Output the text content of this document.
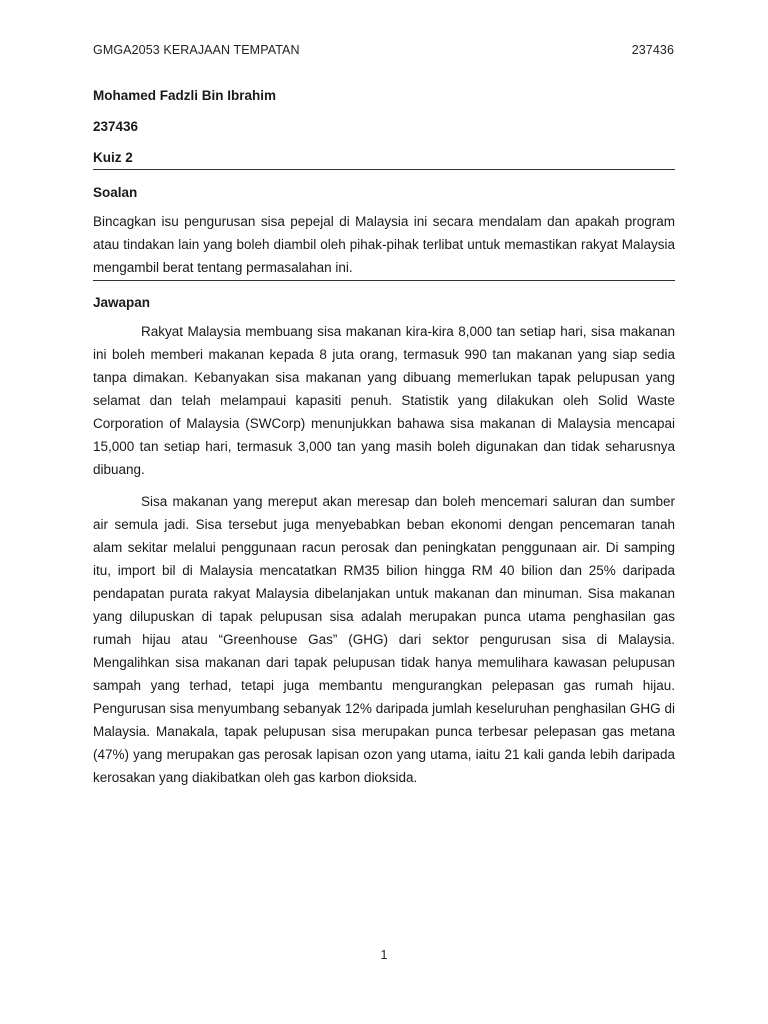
GMGA2053 KERAJAAN TEMPATAN	237436

Mohamed Fadzli Bin Ibrahim

237436

Kuiz 2

Soalan

Bincagkan isu pengurusan sisa pepejal di Malaysia ini secara mendalam dan apakah program atau tindakan lain yang boleh diambil oleh pihak-pihak terlibat untuk memastikan rakyat Malaysia mengambil berat tentang permasalahan ini.

Jawapan

Rakyat Malaysia membuang sisa makanan kira-kira 8,000 tan setiap hari, sisa makanan ini boleh memberi makanan kepada 8 juta orang, termasuk 990 tan makanan yang siap sedia tanpa dimakan. Kebanyakan sisa makanan yang dibuang memerlukan tapak pelupusan yang selamat dan telah melampaui kapasiti penuh. Statistik yang dilakukan oleh Solid Waste Corporation of Malaysia (SWCorp) menunjukkan bahawa sisa makanan di Malaysia mencapai 15,000 tan setiap hari, termasuk 3,000 tan yang masih boleh digunakan dan tidak seharusnya dibuang.

Sisa makanan yang mereput akan meresap dan boleh mencemari saluran dan sumber air semula jadi. Sisa tersebut juga menyebabkan beban ekonomi dengan pencemaran tanah alam sekitar melalui penggunaan racun perosak dan peningkatan penggunaan air. Di samping itu, import bil di Malaysia mencatatkan RM35 bilion hingga RM 40 bilion dan 25% daripada pendapatan purata rakyat Malaysia dibelanjakan untuk makanan dan minuman. Sisa makanan yang dilupuskan di tapak pelupusan sisa adalah merupakan punca utama penghasilan gas rumah hijau atau “Greenhouse Gas” (GHG) dari sektor pengurusan sisa di Malaysia. Mengalihkan sisa makanan dari tapak pelupusan tidak hanya memulihara kawasan pelupusan sampah yang terhad, tetapi juga membantu mengurangkan pelepasan gas rumah hijau. Pengurusan sisa menyumbang sebanyak 12% daripada jumlah keseluruhan penghasilan GHG di Malaysia. Manakala, tapak pelupusan sisa merupakan punca terbesar pelepasan gas metana (47%) yang merupakan gas perosak lapisan ozon yang utama, iaitu 21 kali ganda lebih daripada kerosakan yang diakibatkan oleh gas karbon dioksida.

1
